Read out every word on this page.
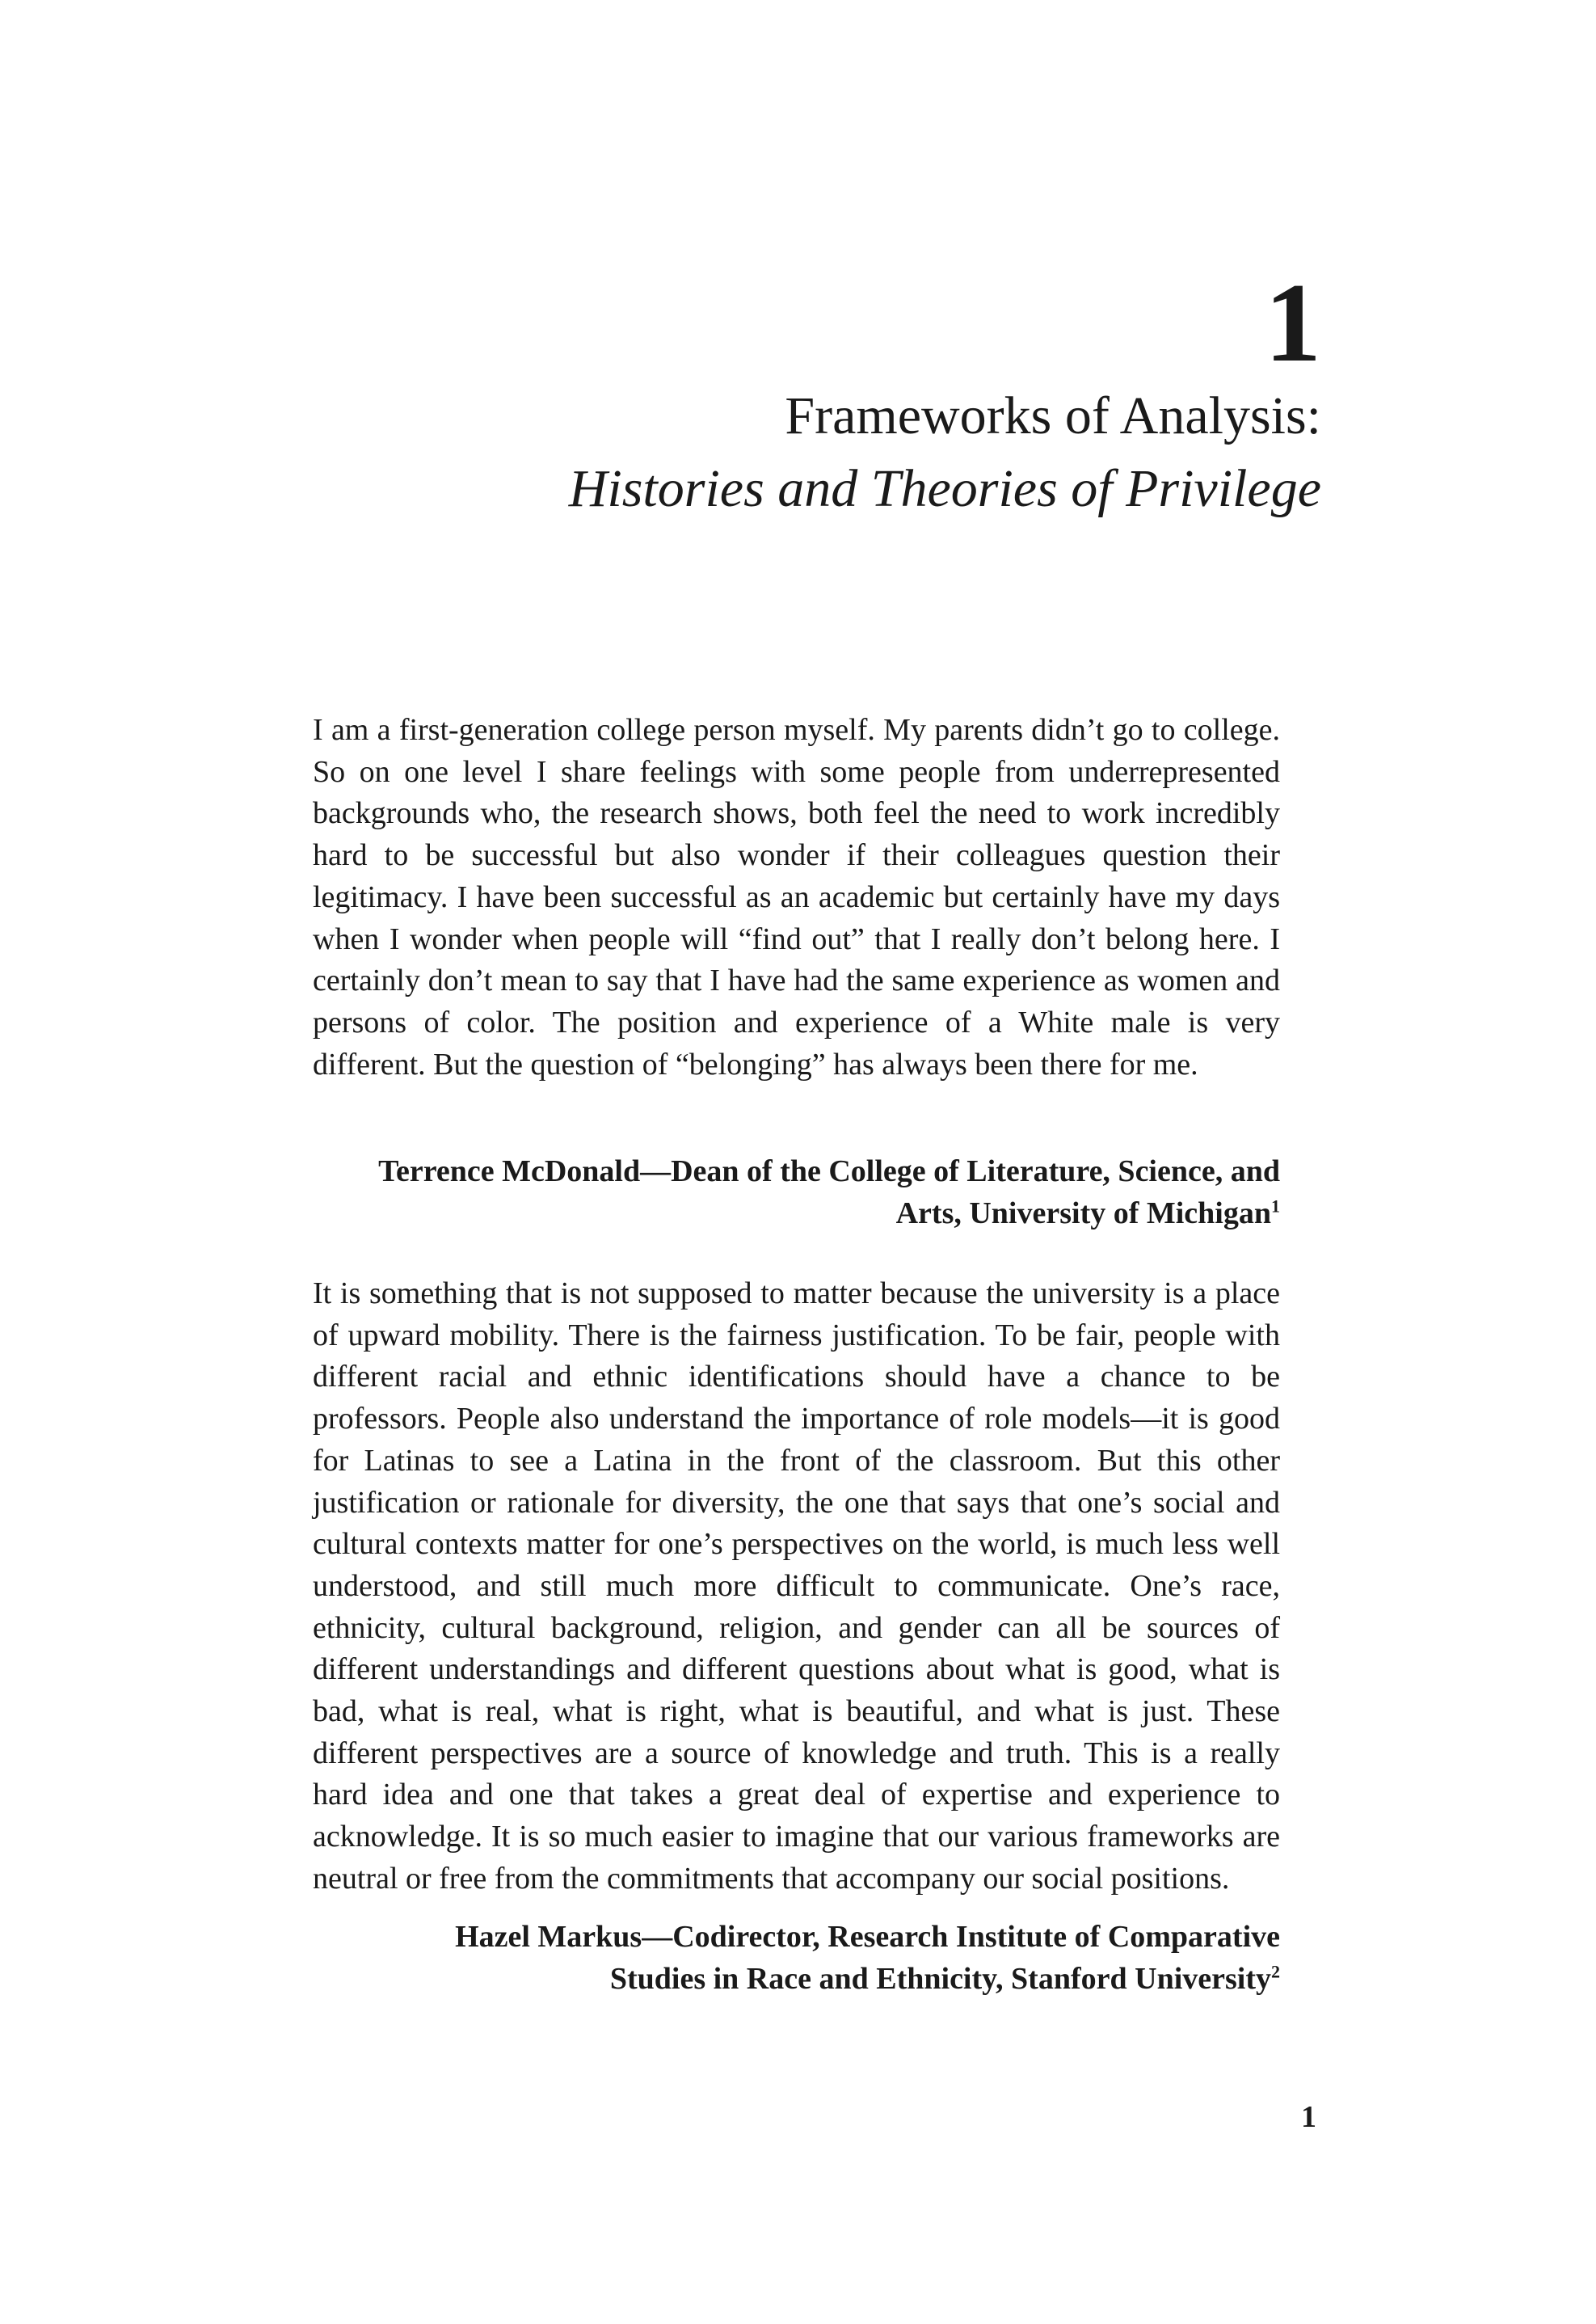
1
Frameworks of Analysis:
Histories and Theories of Privilege

I am a first-generation college person myself. My parents didn’t go to college. So on one level I share feelings with some people from underrepresented backgrounds who, the research shows, both feel the need to work incredibly hard to be successful but also wonder if their colleagues question their legitimacy. I have been successful as an academic but certainly have my days when I wonder when people will “find out” that I really don’t belong here. I certainly don’t mean to say that I have had the same experience as women and persons of color. The position and experience of a White male is very different. But the question of “belonging” has always been there for me.

Terrence McDonald—Dean of the College of Literature, Science, and
Arts, University of Michigan$^1$

It is something that is not supposed to matter because the university is a place of upward mobility. There is the fairness justification. To be fair, people with different racial and ethnic identifications should have a chance to be professors. People also understand the importance of role models—it is good for Latinas to see a Latina in the front of the classroom. But this other justification or rationale for diversity, the one that says that one’s social and cultural contexts matter for one’s perspectives on the world, is much less well understood, and still much more difficult to communicate. One’s race, ethnicity, cultural background, religion, and gender can all be sources of different understandings and different questions about what is good, what is bad, what is real, what is right, what is beautiful, and what is just. These different perspectives are a source of knowledge and truth. This is a really hard idea and one that takes a great deal of expertise and experience to acknowledge. It is so much easier to imagine that our various frameworks are neutral or free from the commitments that accompany our social positions.

Hazel Markus—Codirector, Research Institute of Comparative
Studies in Race and Ethnicity, Stanford University$^2$

1
